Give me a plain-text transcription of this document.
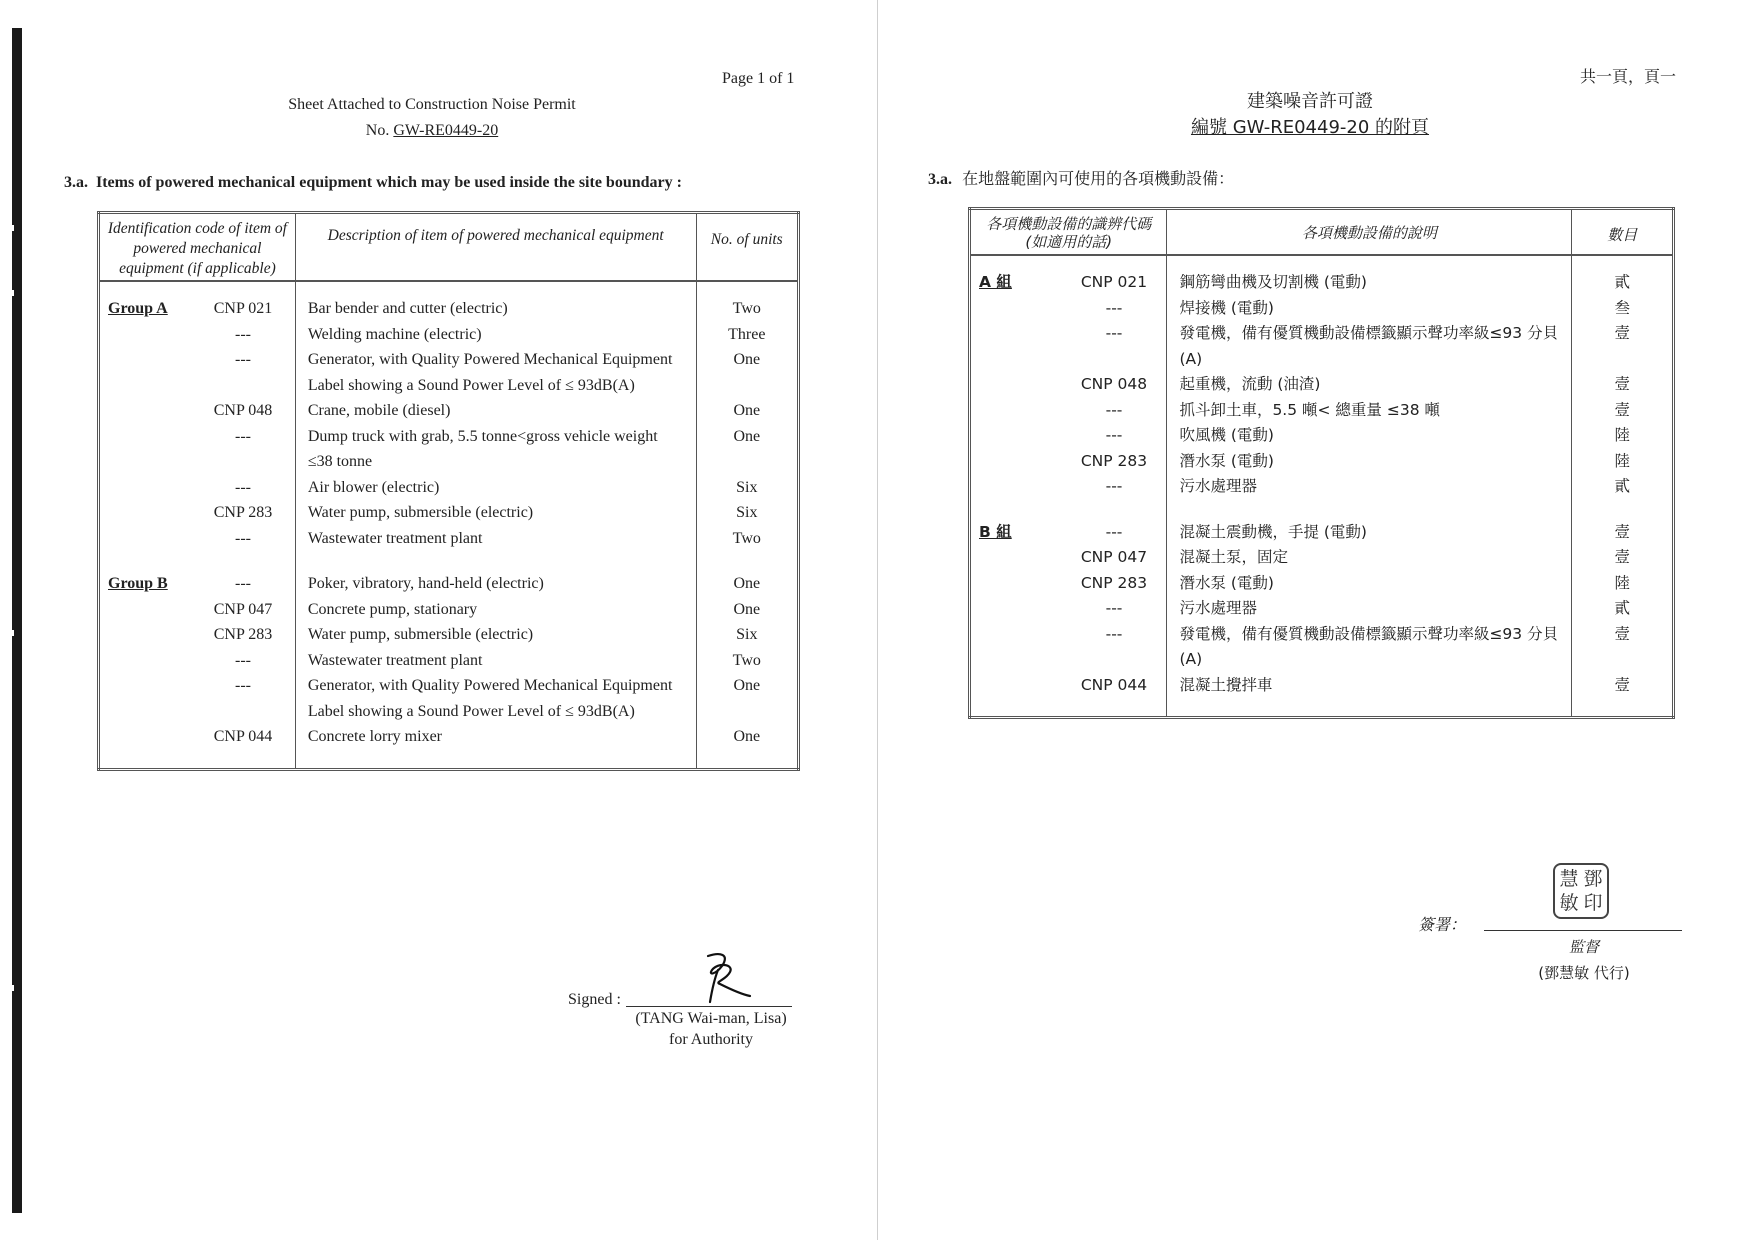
Page 1 of 1
Sheet Attached to Construction Noise Permit
No. GW-RE0449-20
3.a. Items of powered mechanical equipment which may be used inside the site boundary :
Identification code of item of powered mechanical equipment (if applicable)	Description of item of powered mechanical equipment	No. of units
Group A CNP 021	Bar bender and cutter (electric)	Two
---	Welding machine (electric)	Three
---	Generator, with Quality Powered Mechanical Equipment Label showing a Sound Power Level of ≤ 93dB(A)	One
CNP 048	Crane, mobile (diesel)	One
---	Dump truck with grab, 5.5 tonne<gross vehicle weight ≤38 tonne	One
---	Air blower (electric)	Six
CNP 283	Water pump, submersible (electric)	Six
---	Wastewater treatment plant	Two
Group B ---	Poker, vibratory, hand-held (electric)	One
CNP 047	Concrete pump, stationary	One
CNP 283	Water pump, submersible (electric)	Six
---	Wastewater treatment plant	Two
---	Generator, with Quality Powered Mechanical Equipment Label showing a Sound Power Level of ≤ 93dB(A)	One
CNP 044	Concrete lorry mixer	One
Signed :
(TANG Wai-man, Lisa)
for Authority
共一頁，頁一
建築噪音許可證
編號 GW-RE0449-20 的附頁
3.a. 在地盤範圍內可使用的各項機動設備：
各項機動設備的識辨代碼 (如適用的話)	各項機動設備的說明	數目
A 組 CNP 021	鋼筋彎曲機及切割機 (電動)	貳
---	焊接機 (電動)	叁
---	發電機，備有優質機動設備標籤顯示聲功率級≤93 分貝(A)	壹
CNP 048	起重機，流動 (油渣)	壹
---	抓斗卸土車，5.5 噸< 總重量 ≤38 噸	壹
---	吹風機 (電動)	陸
CNP 283	潛水泵 (電動)	陸
---	污水處理器	貳
B 組 ---	混凝土震動機，手提 (電動)	壹
CNP 047	混凝土泵，固定	壹
CNP 283	潛水泵 (電動)	陸
---	污水處理器	貳
---	發電機，備有優質機動設備標籤顯示聲功率級≤93 分貝(A)	壹
CNP 044	混凝土攪拌車	壹
慧 鄧
敏 印
簽署：
監督
(鄧慧敏 代行)
